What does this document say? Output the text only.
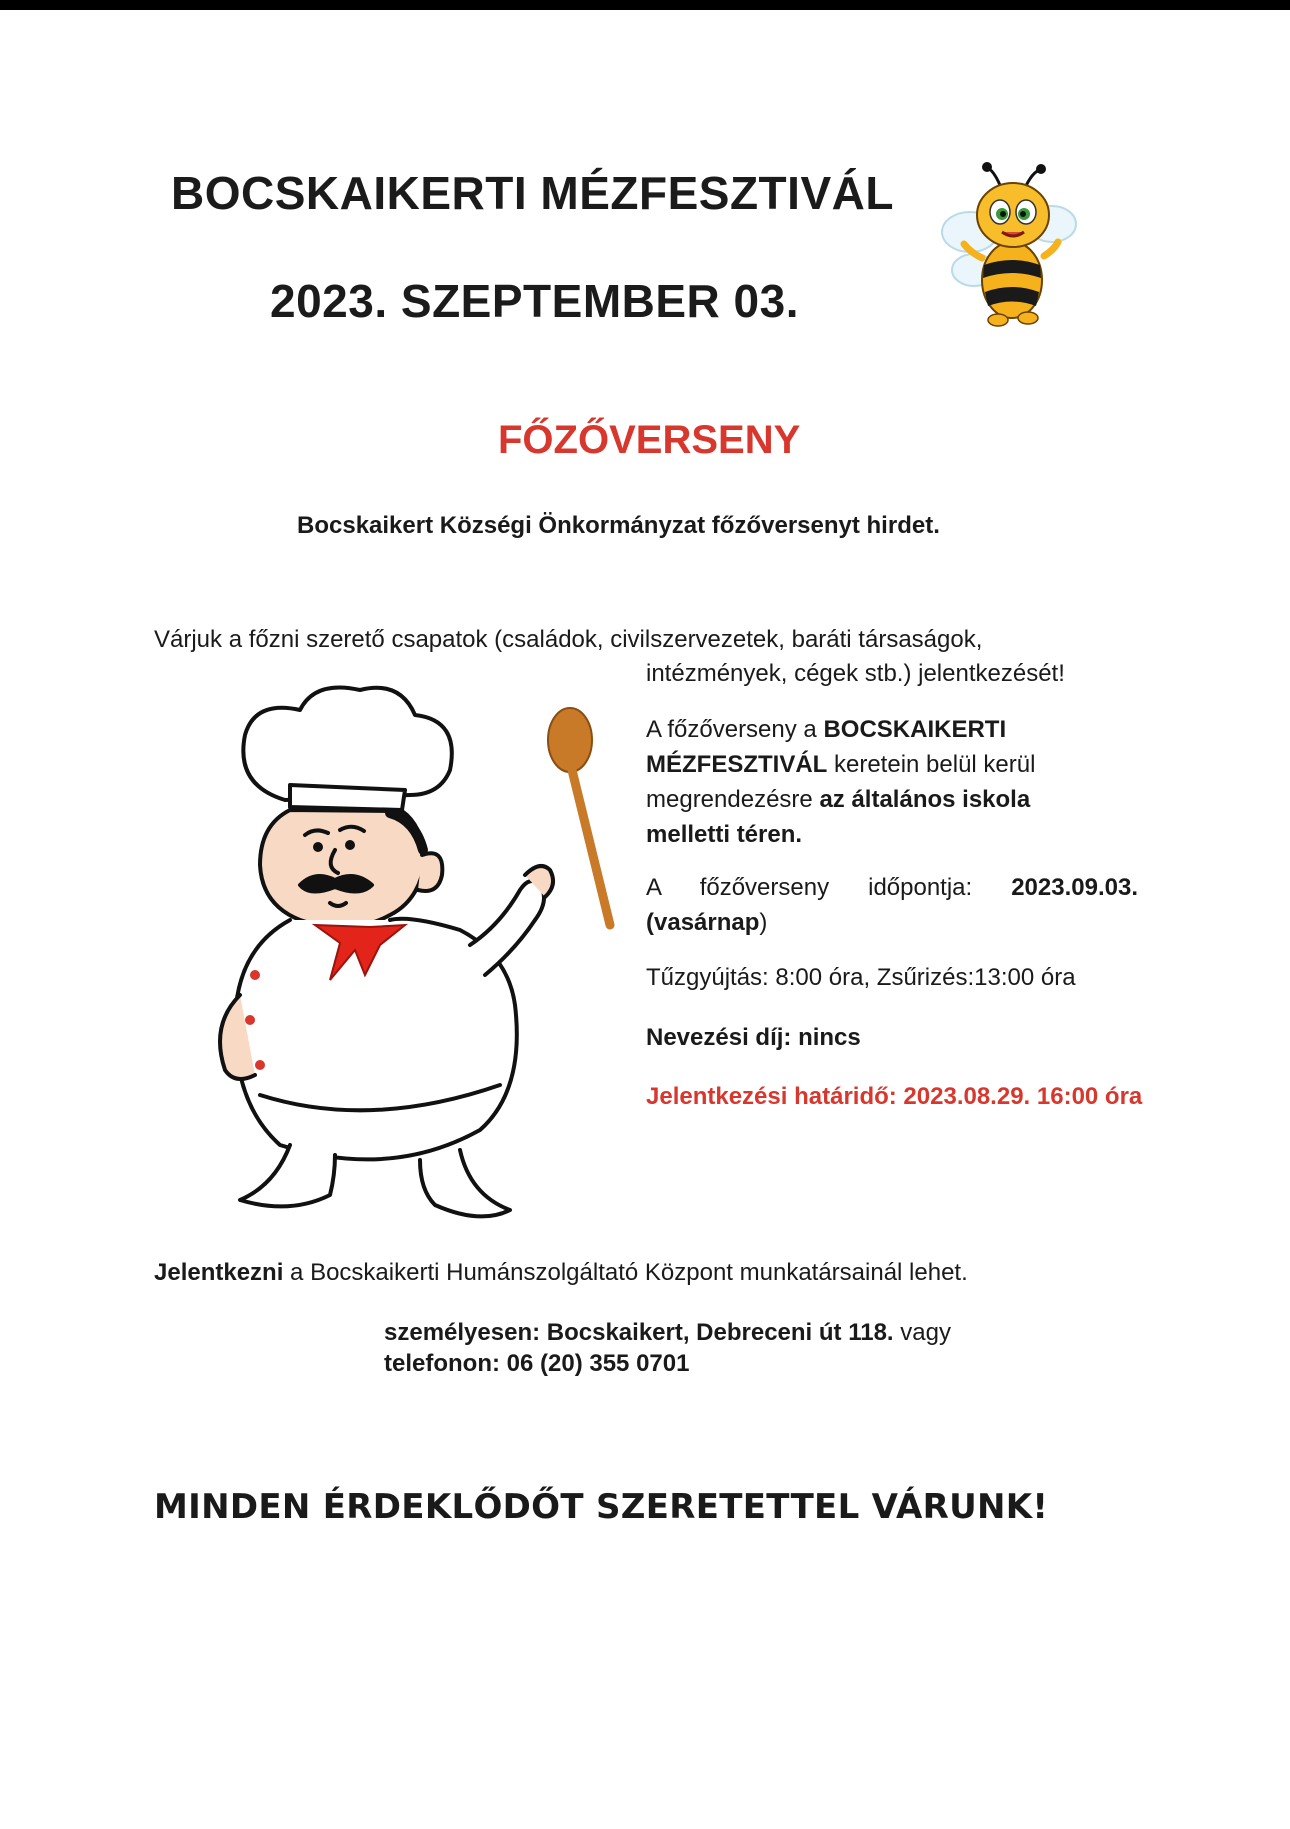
BOCSKAIKERTI MÉZFESZTIVÁL
2023. SZEPTEMBER 03.
FŐZŐVERSENY

Bocskaikert Községi Önkormányzat főzőversenyt hirdet.

Várjuk a főzni szerető csapatok (családok, civilszervezetek, baráti társaságok,

intézmények, cégek stb.) jelentkezését!

A főzőverseny a BOCSKAIKERTI MÉZFESZTIVÁL keretein belül kerül megrendezésre az általános iskola melletti téren.

A főzőverseny időpontja: 2023.09.03. (vasárnap)

Tűzgyújtás: 8:00 óra, Zsűrizés:13:00 óra

Nevezési díj: nincs

Jelentkezési határidő: 2023.08.29. 16:00 óra

Jelentkezni a Bocskaikerti Humánszolgáltató Központ munkatársainál lehet.

személyesen: Bocskaikert, Debreceni út 118. vagy

telefonon: 06 (20) 355 0701

MINDEN ÉRDEKLŐDŐT SZERETETTEL VÁRUNK!
